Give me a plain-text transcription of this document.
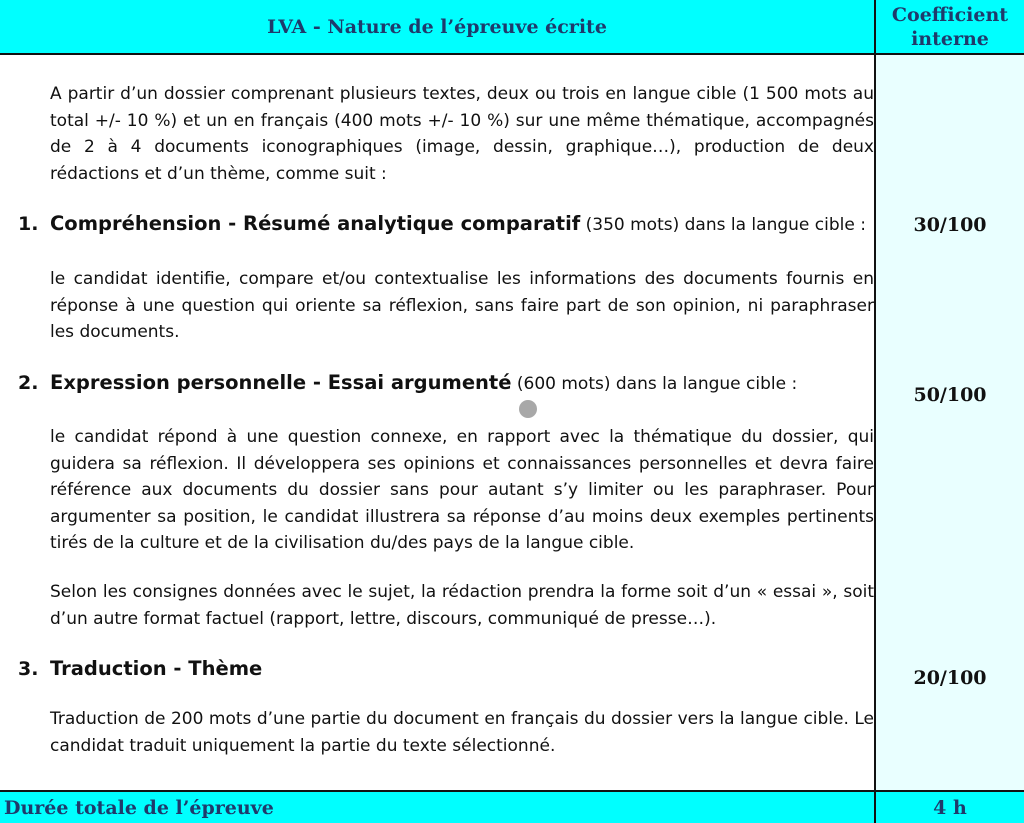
LVA - Nature de l’épreuve écrite
Coefficient
interne
A partir d’un dossier comprenant plusieurs textes, deux ou trois en langue cible (1 500 mots au total +/- 10 %) et un en français (400 mots +/- 10 %) sur une même thématique, accompagnés de 2 à 4 documents iconographiques (image, dessin, graphique…), production de deux rédactions et d’un thème, comme suit :
1. Compréhension - Résumé analytique comparatif (350 mots) dans la langue cible :
le candidat identifie, compare et/ou contextualise les informations des documents fournis en réponse à une question qui oriente sa réflexion, sans faire part de son opinion, ni paraphraser les documents.
30/100
2. Expression personnelle - Essai argumenté (600 mots) dans la langue cible :
le candidat répond à une question connexe, en rapport avec la thématique du dossier, qui guidera sa réflexion. Il développera ses opinions et connaissances personnelles et devra faire référence aux documents du dossier sans pour autant s’y limiter ou les paraphraser. Pour argumenter sa position, le candidat illustrera sa réponse d’au moins deux exemples pertinents tirés de la culture et de la civilisation du/des pays de la langue cible.
Selon les consignes données avec le sujet, la rédaction prendra la forme soit d’un « essai », soit d’un autre format factuel (rapport, lettre, discours, communiqué de presse…).
50/100
3. Traduction - Thème
Traduction de 200 mots d’une partie du document en français du dossier vers la langue cible. Le candidat traduit uniquement la partie du texte sélectionné.
20/100
Durée totale de l’épreuve	4 h
